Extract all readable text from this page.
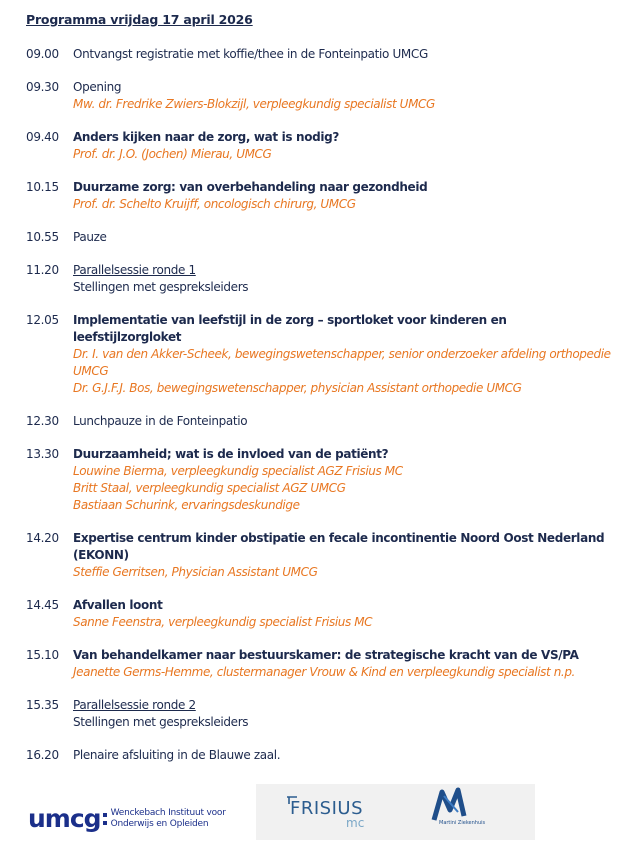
Programma vrijdag 17 april 2026
09.00	Ontvangst registratie met koffie/thee in de Fonteinpatio UMCG
09.30	Opening
Mw. dr. Fredrike Zwiers-Blokzijl, verpleegkundig specialist UMCG
09.40	Anders kijken naar de zorg, wat is nodig?
Prof. dr. J.O. (Jochen) Mierau, UMCG
10.15	Duurzame zorg: van overbehandeling naar gezondheid
Prof. dr. Schelto Kruijff, oncologisch chirurg, UMCG
10.55	Pauze
11.20	Parallelsessie ronde 1
Stellingen met gespreksleiders
12.05	Implementatie van leefstijl in de zorg – sportloket voor kinderen en leefstijlzorgloket
Dr. I. van den Akker-Scheek, bewegingswetenschapper, senior onderzoeker afdeling orthopedie UMCG
Dr. G.J.F.J. Bos, bewegingswetenschapper, physician Assistant orthopedie UMCG
12.30	Lunchpauze in de Fonteinpatio
13.30	Duurzaamheid; wat is de invloed van de patiënt?
Louwine Bierma, verpleegkundig specialist AGZ Frisius MC
Britt Staal, verpleegkundig specialist AGZ UMCG
Bastiaan Schurink, ervaringsdeskundige
14.20	Expertise centrum kinder obstipatie en fecale incontinentie Noord Oost Nederland (EKONN)
Steffie Gerritsen, Physician Assistant UMCG
14.45	Afvallen loont
Sanne Feenstra, verpleegkundig specialist Frisius MC
15.10	Van behandelkamer naar bestuurskamer: de strategische kracht van de VS/PA
Jeanette Germs-Hemme, clustermanager Vrouw & Kind en verpleegkundig specialist n.p.
15.35	Parallelsessie ronde 2
Stellingen met gespreksleiders
16.20	Plenaire afsluiting in de Blauwe zaal.
umcg Wenckebach Instituut voor
Onderwijs en Opleiden
FRISIUS
mc	Martini Ziekenhuis
